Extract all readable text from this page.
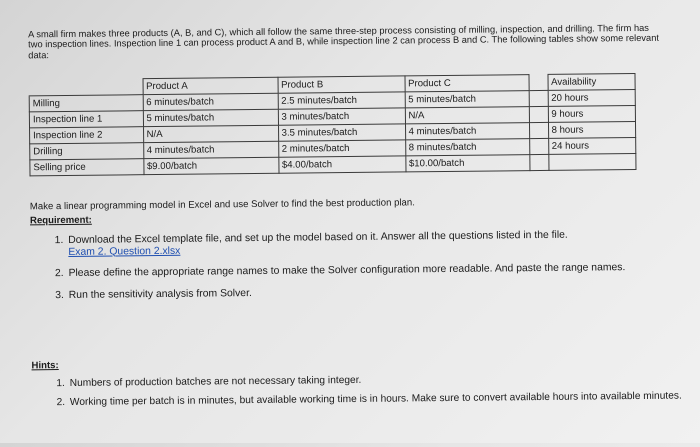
A small firm makes three products (A, B, and C), which all follow the same three-step process consisting of milling, inspection, and drilling. The firm has two inspection lines. Inspection line 1 can process product A and B, while inspection line 2 can process B and C. The following tables show some relevant data:

	Product A	Product B	Product C		Availability
Milling	6 minutes/batch	2.5 minutes/batch	5 minutes/batch		20 hours
Inspection line 1	5 minutes/batch	3 minutes/batch	N/A		9 hours
Inspection line 2	N/A	3.5 minutes/batch	4 minutes/batch		8 hours
Drilling	4 minutes/batch	2 minutes/batch	8 minutes/batch		24 hours
Selling price	$9.00/batch	$4.00/batch	$10.00/batch		

Make a linear programming model in Excel and use Solver to find the best production plan.

Requirement:

1. Download the Excel template file, and set up the model based on it. Answer all the questions listed in the file.
Exam 2. Question 2.xlsx
2. Please define the appropriate range names to make the Solver configuration more readable. And paste the range names.
3. Run the sensitivity analysis from Solver.

Hints:

1. Numbers of production batches are not necessary taking integer.
2. Working time per batch is in minutes, but available working time is in hours. Make sure to convert available hours into available minutes.
